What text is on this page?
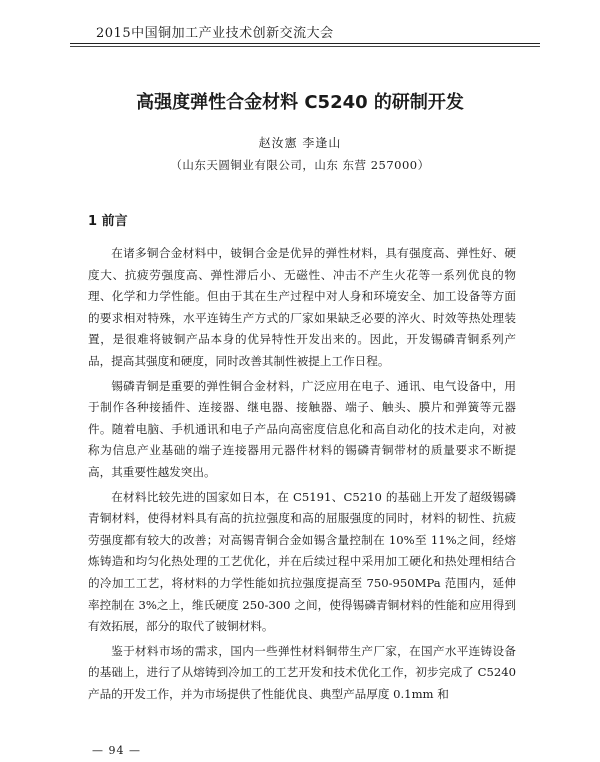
2015中国铜加工产业技术创新交流大会
高强度弹性合金材料 C5240 的研制开发
赵汝憲 李逢山
（山东天圆铜业有限公司，山东 东营 257000）
1 前言

在诸多铜合金材料中，铍铜合金是优异的弹性材料，具有强度高、弹性好、硬度大、抗疲劳强度高、弹性滞后小、无磁性、冲击不产生火花等一系列优良的物理、化学和力学性能。但由于其在生产过程中对人身和环境安全、加工设备等方面的要求相对特殊，水平连铸生产方式的厂家如果缺乏必要的淬火、时效等热处理装置，是很难将铍铜产品本身的优异特性开发出来的。因此，开发锡磷青铜系列产品，提高其强度和硬度，同时改善其制性被提上工作日程。

锡磷青铜是重要的弹性铜合金材料，广泛应用在电子、通讯、电气设备中，用于制作各种接插件、连接器、继电器、接触器、端子、触头、膜片和弹簧等元器件。随着电脑、手机通讯和电子产品向高密度信息化和高自动化的技术走向，对被称为信息产业基础的端子连接器用元器件材料的锡磷青铜带材的质量要求不断提高，其重要性越发突出。

在材料比较先进的国家如日本，在 C5191、C5210 的基础上开发了超级锡磷青铜材料，使得材料具有高的抗拉强度和高的屈服强度的同时，材料的韧性、抗疲劳强度都有较大的改善；对高锡青铜合金如锡含量控制在 10%至 11%之间，经熔炼铸造和均匀化热处理的工艺优化，并在后续过程中采用加工硬化和热处理相结合的冷加工工艺，将材料的力学性能如抗拉强度提高至 750-950MPa 范围内，延伸率控制在 3%之上，维氏硬度 250-300 之间，使得锡磷青铜材料的性能和应用得到有效拓展，部分的取代了铍铜材料。

鉴于材料市场的需求，国内一些弹性材料铜带生产厂家，在国产水平连铸设备的基础上，进行了从熔铸到冷加工的工艺开发和技术优化工作，初步完成了 C5240 产品的开发工作，并为市场提供了性能优良、典型产品厚度 0.1mm 和

— 94 —
